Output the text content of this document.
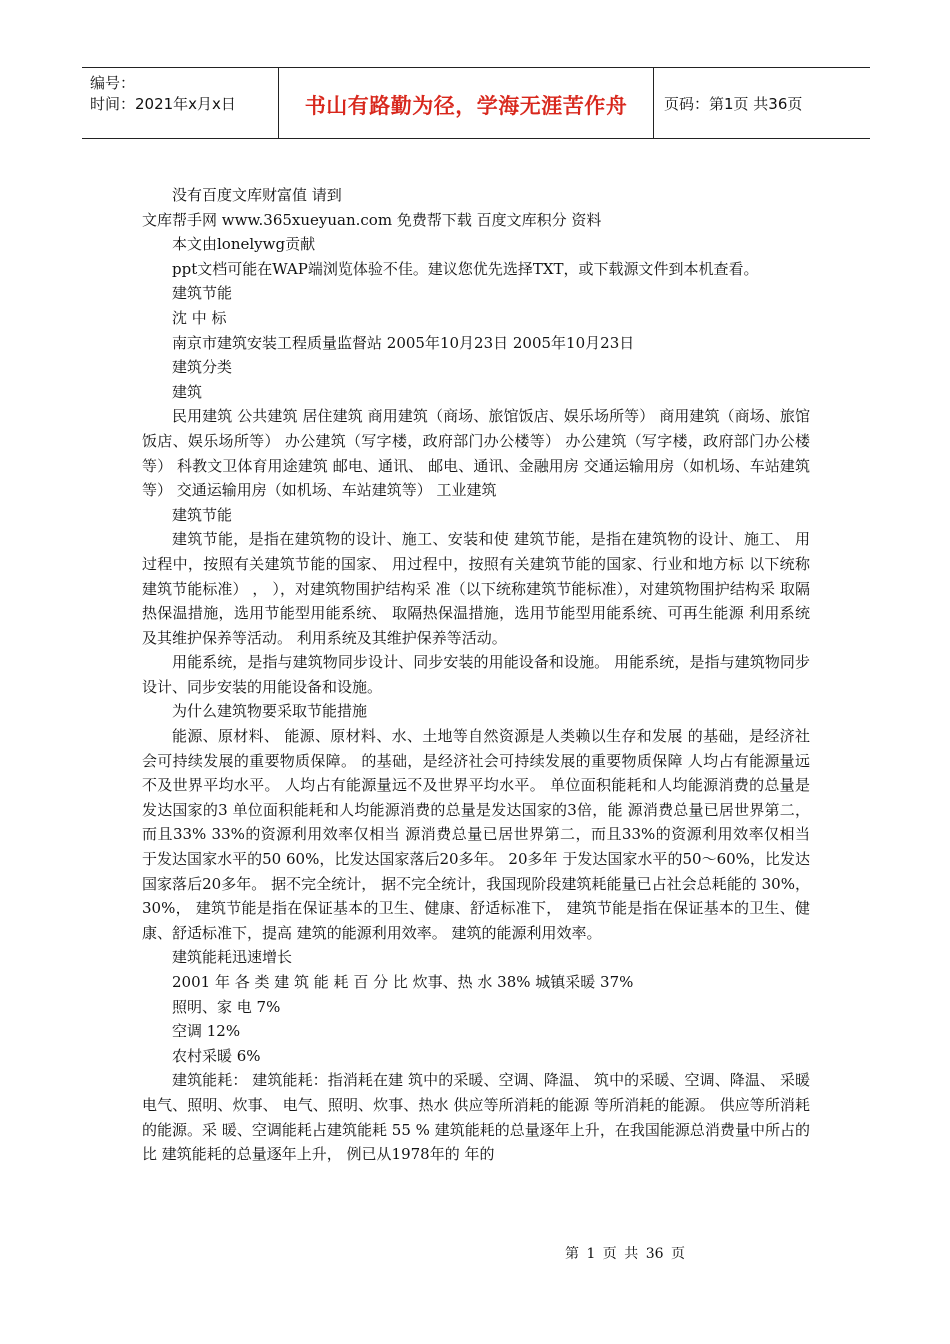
编号：
时间：2021年x月x日	书山有路勤为径，学海无涯苦作舟	页码：第1页 共36页

没有百度文库财富值 请到

文库帮手网 www.365xueyuan.com 免费帮下载 百度文库积分 资料

本文由lonelywg贡献

ppt文档可能在WAP端浏览体验不佳。建议您优先选择TXT，或下载源文件到本机查看。

建筑节能

沈 中 标

南京市建筑安装工程质量监督站 2005年10月23日 2005年10月23日

建筑分类

建筑

民用建筑 公共建筑 居住建筑 商用建筑（商场、旅馆饭店、娱乐场所等） 商用建筑（商场、旅馆饭店、娱乐场所等） 办公建筑（写字楼，政府部门办公楼等） 办公建筑（写字楼，政府部门办公楼等） 科教文卫体育用途建筑 邮电、通讯、 邮电、通讯、金融用房 交通运输用房（如机场、车站建筑等） 交通运输用房（如机场、车站建筑等） 工业建筑

建筑节能

建筑节能，是指在建筑物的设计、施工、安装和使 建筑节能，是指在建筑物的设计、施工、 用过程中，按照有关建筑节能的国家、 用过程中，按照有关建筑节能的国家、行业和地方标 以下统称建筑节能标准） ， ），对建筑物围护结构采 准（以下统称建筑节能标准），对建筑物围护结构采 取隔热保温措施，选用节能型用能系统、 取隔热保温措施，选用节能型用能系统、可再生能源 利用系统及其维护保养等活动。 利用系统及其维护保养等活动。

用能系统，是指与建筑物同步设计、同步安装的用能设备和设施。 用能系统，是指与建筑物同步设计、同步安装的用能设备和设施。

为什么建筑物要采取节能措施

能源、原材料、 能源、原材料、水、土地等自然资源是人类赖以生存和发展 的基础，是经济社会可持续发展的重要物质保障。 的基础，是经济社会可持续发展的重要物质保障 人均占有能源量远不及世界平均水平。 人均占有能源量远不及世界平均水平。 单位面积能耗和人均能源消费的总量是发达国家的3 单位面积能耗和人均能源消费的总量是发达国家的3倍，能 源消费总量已居世界第二，而且33% 33%的资源利用效率仅相当 源消费总量已居世界第二，而且33%的资源利用效率仅相当 于发达国家水平的50 60%，比发达国家落后20多年。 20多年 于发达国家水平的50～60%，比发达国家落后20多年。 据不完全统计， 据不完全统计，我国现阶段建筑耗能量已占社会总耗能的 30%， 30%， 建筑节能是指在保证基本的卫生、健康、舒适标准下， 建筑节能是指在保证基本的卫生、健康、舒适标准下，提高 建筑的能源利用效率。 建筑的能源利用效率。

建筑能耗迅速增长

2001 年 各 类 建 筑 能 耗 百 分 比 炊事、热 水 38% 城镇采暖 37%

照明、家 电 7%

空调 12%

农村采暖 6%

建筑能耗： 建筑能耗：指消耗在建 筑中的采暖、空调、降温、 筑中的采暖、空调、降温、 采暖 电气、照明、炊事、 电气、照明、炊事、热水 供应等所消耗的能源 等所消耗的能源。 供应等所消耗的能源。采 暖、空调能耗占建筑能耗 55 % 建筑能耗的总量逐年上升，在我国能源总消费量中所占的比 建筑能耗的总量逐年上升， 例已从1978年的 年的

第 1 页 共 36 页
